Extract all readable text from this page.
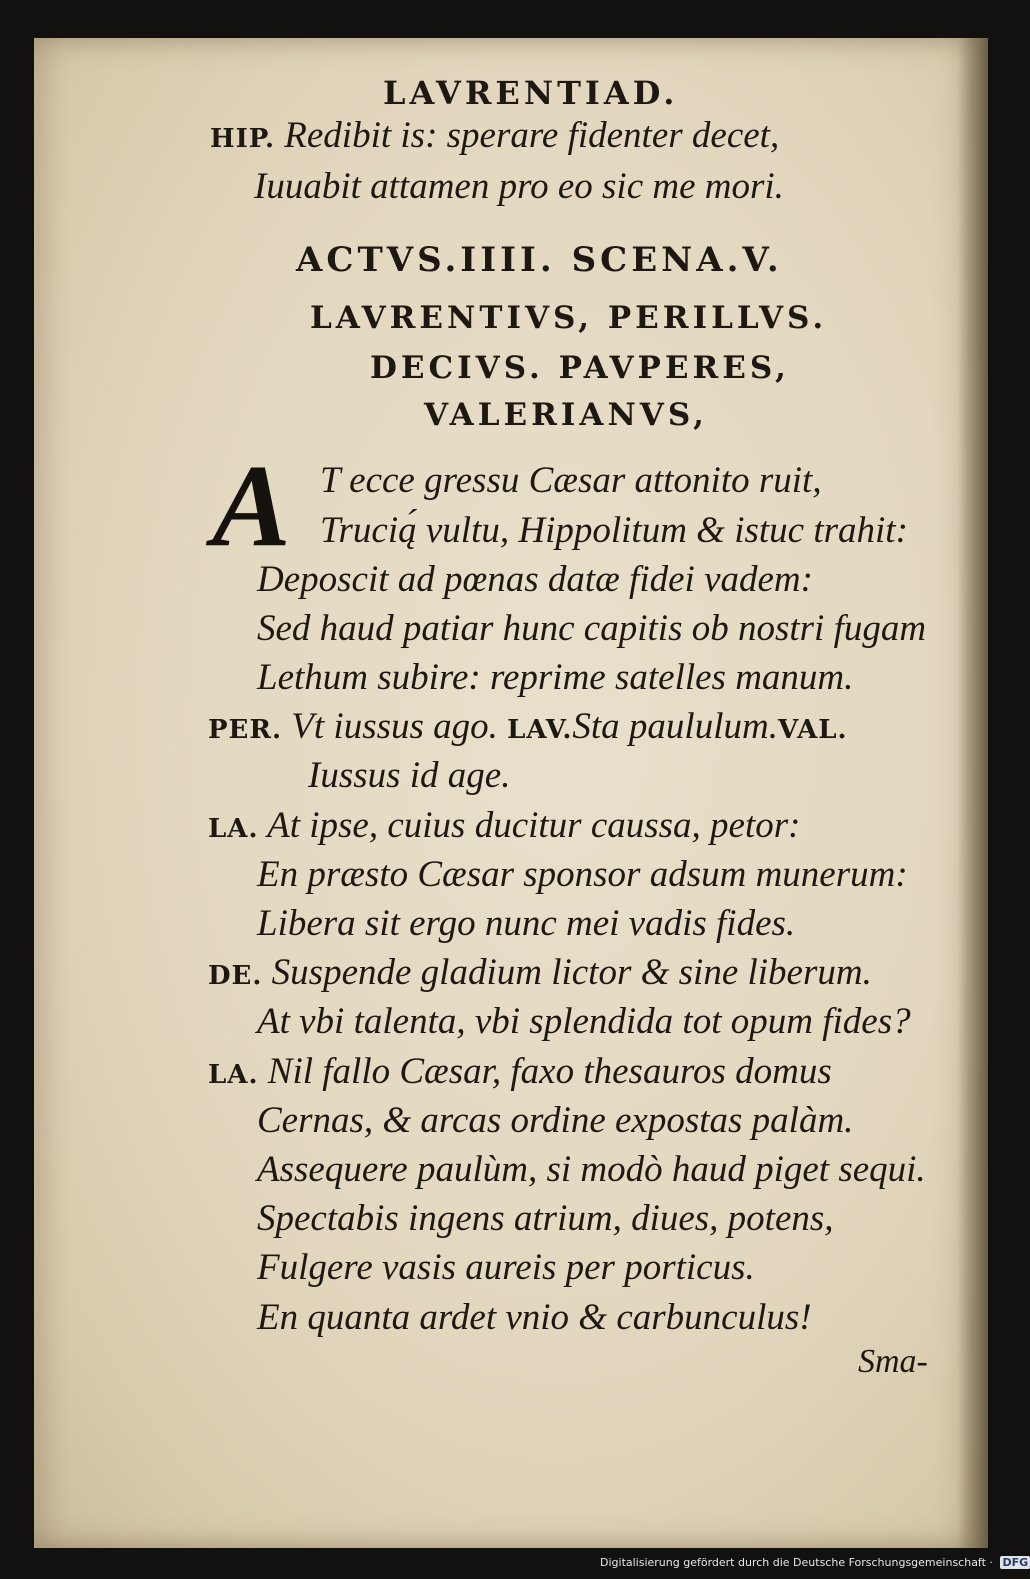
LAVRENTIAD.
HIP. Redibit is: sperare fidenter decet,
Iuuabit attamen pro eo sic me mori.
ACTVS.IIII. SCENA.V.
LAVRENTIVS, PERILLVS.
DECIVS. PAVPERES,
VALERIANVS,
A T ecce gressu Cæsar attonito ruit,
Trucią́ vultu, Hippolitum & istuc trahit:
Deposcit ad pœnas datæ fidei vadem:
Sed haud patiar hunc capitis ob nostri fugam
Lethum subire: reprime satelles manum.
PER. Vt iussus ago. LAV.Sta paululum.VAL.
Iussus id age.
LA. At ipse, cuius ducitur caussa, petor:
En præsto Cæsar sponsor adsum munerum:
Libera sit ergo nunc mei vadis fides.
DE. Suspende gladium lictor & sine liberum.
At vbi talenta, vbi splendida tot opum fides?
LA. Nil fallo Cæsar, faxo thesauros domus
Cernas, & arcas ordine expostas palàm.
Assequere paulùm, si modò haud piget sequi.
Spectabis ingens atrium, diues, potens,
Fulgere vasis aureis per porticus.
En quanta ardet vnio & carbunculus!
Sma-
Digitalisierung gefördert durch die Deutsche Forschungsgemeinschaft · DFG
